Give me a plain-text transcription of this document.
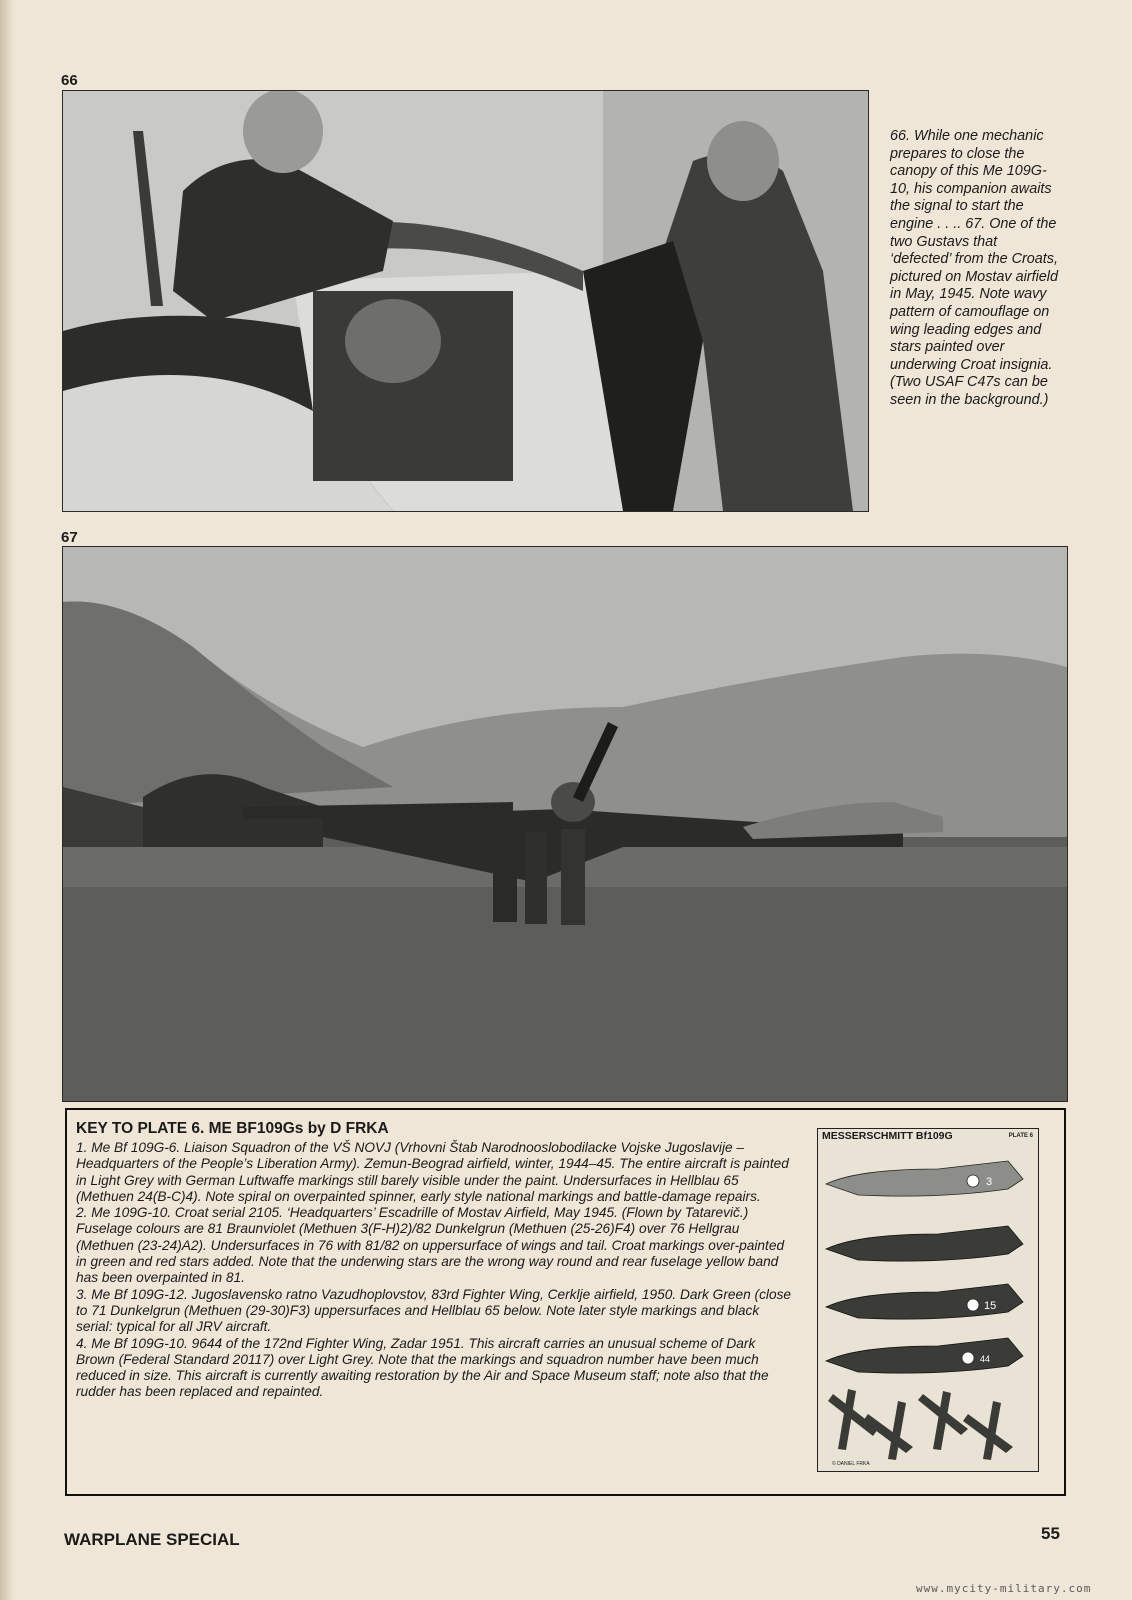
66
66. While one mechanic prepares to close the canopy of this Me 109G-10, his companion awaits the signal to start the engine . . .. 67. One of the two Gustavs that ‘defected’ from the Croats, pictured on Mostav airfield in May, 1945. Note wavy pattern of camouflage on wing leading edges and stars painted over underwing Croat insignia. (Two USAF C47s can be seen in the background.)
67
KEY TO PLATE 6. ME BF109Gs by D FRKA

1. Me Bf 109G-6. Liaison Squadron of the VŠ NOVJ (Vrhovni Štab Narodnooslobodilacke Vojske Jugoslavije – Headquarters of the People’s Liberation Army). Zemun-Beograd airfield, winter, 1944–45. The entire aircraft is painted in Light Grey with German Luftwaffe markings still barely visible under the paint. Undersurfaces in Hellblau 65 (Methuen 24(B-C)4). Note spiral on overpainted spinner, early style national markings and battle-damage repairs.

2. Me 109G-10. Croat serial 2105. ‘Headquarters’ Escadrille of Mostav Airfield, May 1945. (Flown by Tatarevič.) Fuselage colours are 81 Braunviolet (Methuen 3(F-H)2)/82 Dunkelgrun (Methuen (25-26)F4) over 76 Hellgrau (Methuen (23-24)A2). Undersurfaces in 76 with 81/82 on uppersurface of wings and tail. Croat markings over-painted in green and red stars added. Note that the underwing stars are the wrong way round and rear fuselage yellow band has been overpainted in 81.

3. Me Bf 109G-12. Jugoslavensko ratno Vazudhoplovstov, 83rd Fighter Wing, Cerklje airfield, 1950. Dark Green (close to 71 Dunkelgrun (Methuen (29-30)F3) uppersurfaces and Hellblau 65 below. Note later style markings and black serial: typical for all JRV aircraft.

4. Me Bf 109G-10. 9644 of the 172nd Fighter Wing, Zadar 1951. This aircraft carries an unusual scheme of Dark Brown (Federal Standard 20117) over Light Grey. Note that the markings and squadron number have been much reduced in size. This aircraft is currently awaiting restoration by the Air and Space Museum staff; note also that the rudder has been replaced and repainted.

3
15
44
MESSERSCHMITT Bf109G	PLATE 6
© DANIEL FRKA
WARPLANE SPECIAL	55
www.mycity-military.com
